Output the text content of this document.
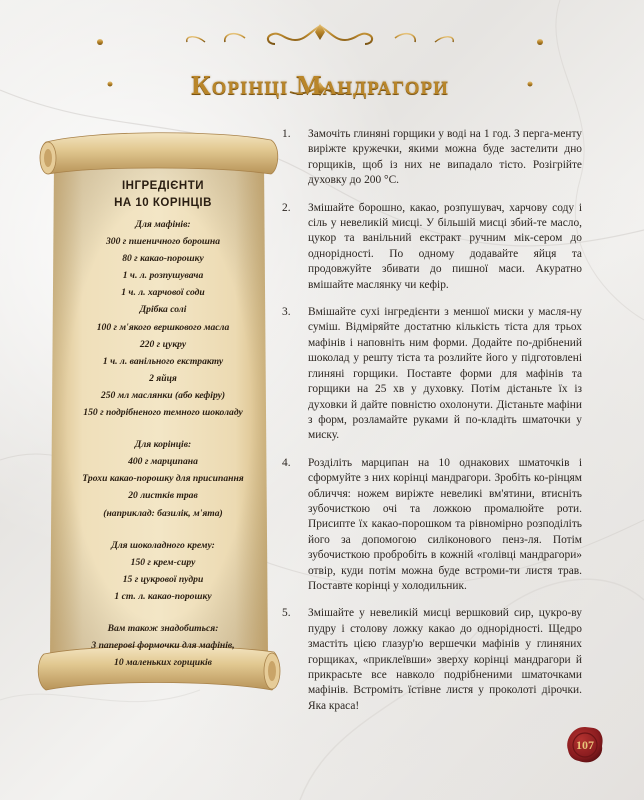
Корінці Мандрагори
ІНГРЕДІЄНТИ
НА 10 КОРІНЦІВ
Для мафінів:
300 г пшеничного борошна
80 г какао-порошку
1 ч. л. розпушувача
1 ч. л. харчової соди
Дрібка солі
100 г м'якого вершкового масла
220 г цукру
1 ч. л. ванільного екстракту
2 яйця
250 мл маслянки (або кефіру)
150 г подрібненого темного шоколаду
Для корінців:
400 г марципана
Трохи какао-порошку для присипання
20 листків трав
(наприклад: базилік, м'ята)
Для шоколадного крему:
150 г крем-сиру
15 г цукрової пудри
1 ст. л. какао-порошку
Вам також знадобиться:
3 паперові формочки для мафінів,
10 маленьких горщиків
1.	Замочіть глиняні горщики у воді на 1 год. З перга-менту виріжте кружечки, якими можна буде застелити дно горщиків, щоб із них не випадало тісто. Розігрійте духовку до 200 °С.
2.	Змішайте борошно, какао, розпушувач, харчову соду і сіль у невеликій мисці. У більшій мисці збий-те масло, цукор та ванільний екстракт ручним мік-сером до однорідності. По одному додавайте яйця та продовжуйте збивати до пишної маси. Акуратно вмішайте маслянку чи кефір.
3.	Вмішайте сухі інгредієнти з меншої миски у масля-ну суміш. Відміряйте достатню кількість тіста для трьох мафінів і наповніть ним форми. Додайте по-дрібнений шоколад у решту тіста та розлийте його у підготовлені глиняні горщики. Поставте форми для мафінів та горщики на 25 хв у духовку. Потім дістаньте їх із духовки й дайте повністю охолонути. Дістаньте мафіни з форм, розламайте руками й по-кладіть шматочки у миску.
4.	Розділіть марципан на 10 однакових шматочків і сформуйте з них корінці мандрагори. Зробіть ко-рінцям обличчя: ножем виріжте невеликі вм'ятини, втисніть зубочисткою очі та ложкою промалюйте роти. Присипте їх какао-порошком та рівномірно розподіліть його за допомогою силіконового пенз-ля. Потім зубочисткою пробробіть в кожній «голівці мандрагори» отвір, куди потім можна буде встроми-ти листя трав. Поставте корінці у холодильник.
5.	Змішайте у невеликій мисці вершковий сир, цукро-ву пудру і столову ложку какао до однорідності. Щедро змастіть цією глазур'ю вершечки мафінів у глиняних горщиках, «приклеївши» зверху корінці мандрагори й прикрасьте все навколо подрібненими шматочками мафінів. Встроміть їстівне листя у проколоті дірочки. Яка краса!
107
